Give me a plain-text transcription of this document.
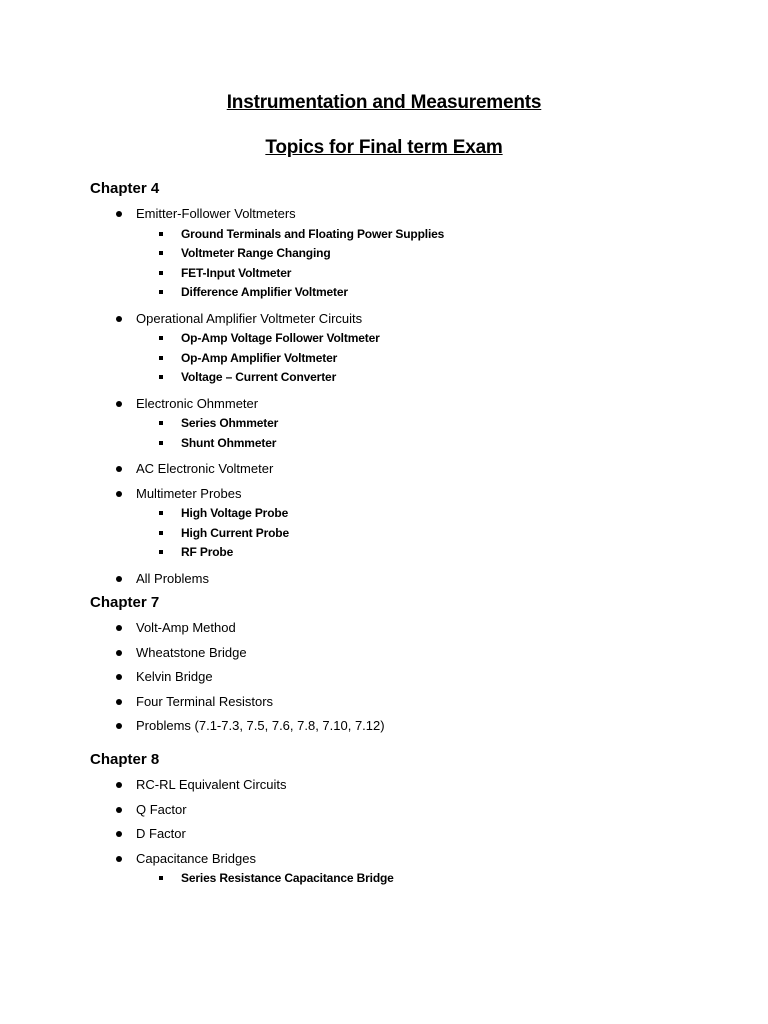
Instrumentation and Measurements
Topics for Final term Exam
Chapter 4
Emitter-Follower Voltmeters
Ground Terminals and Floating Power Supplies
Voltmeter Range Changing
FET-Input Voltmeter
Difference Amplifier Voltmeter
Operational Amplifier Voltmeter Circuits
Op-Amp Voltage Follower Voltmeter
Op-Amp Amplifier Voltmeter
Voltage – Current Converter
Electronic Ohmmeter
Series Ohmmeter
Shunt Ohmmeter
AC Electronic Voltmeter
Multimeter Probes
High Voltage Probe
High Current Probe
RF Probe
All Problems
Chapter 7
Volt-Amp Method
Wheatstone Bridge
Kelvin Bridge
Four Terminal Resistors
Problems (7.1-7.3, 7.5, 7.6, 7.8, 7.10, 7.12)
Chapter 8
RC-RL Equivalent Circuits
Q Factor
D Factor
Capacitance Bridges
Series Resistance Capacitance Bridge
